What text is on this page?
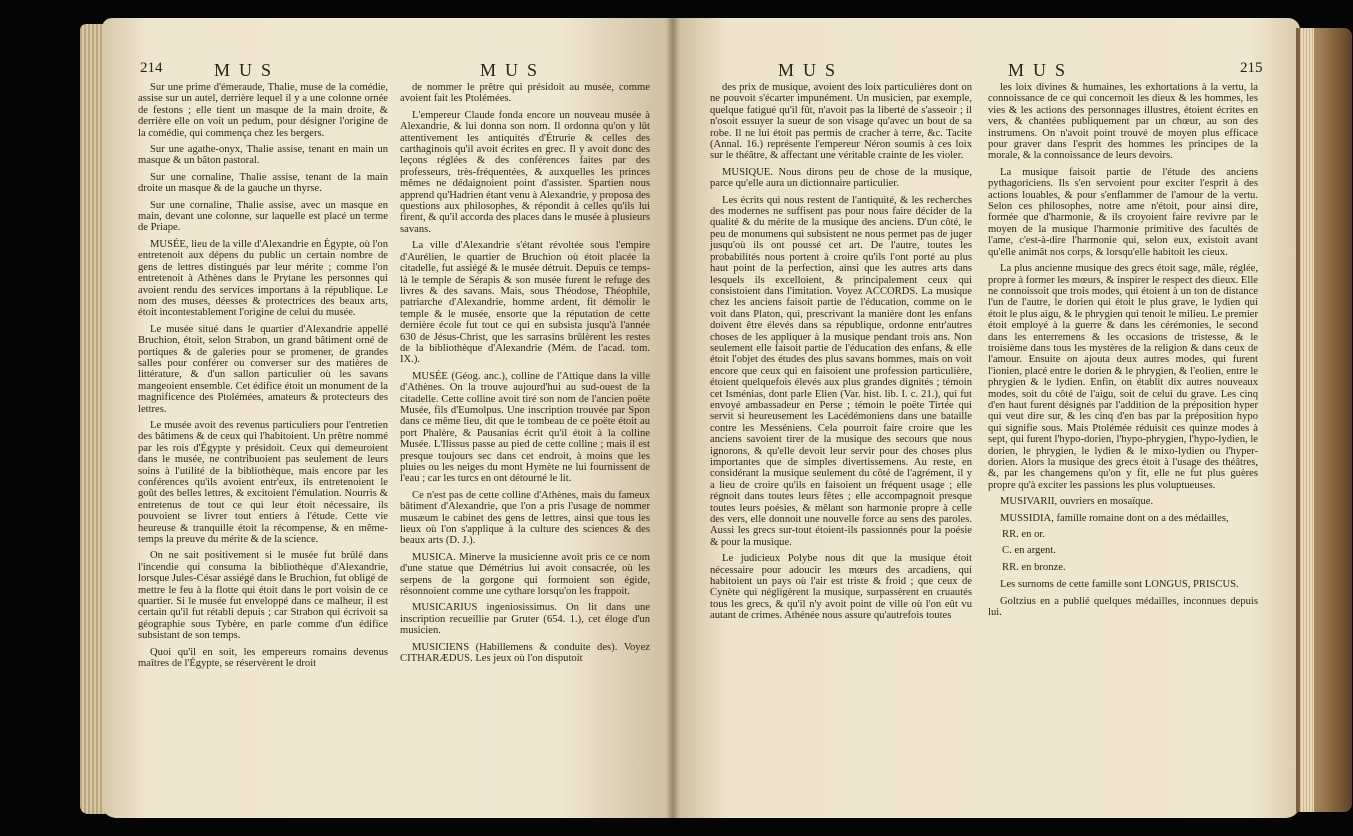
214	MUS	MUS

Sur une prime d'émeraude, Thalie, muse de la comédie, assise sur un autel, derrière lequel il y a une colonne ornée de festons ; elle tient un masque de la main droite, & derrière elle on voit un pedum, pour désigner l'origine de la comédie, qui commença chez les bergers.

Sur une agathe-onyx, Thalie assise, tenant en main un masque & un bâton pastoral.

Sur une cornaline, Thalie assise, tenant de la main droite un masque & de la gauche un thyrse.

Sur une cornaline, Thalie assise, avec un masque en main, devant une colonne, sur laquelle est placé un terme de Priape.

MUSÉE, lieu de la ville d'Alexandrie en Égypte, où l'on entretenoit aux dépens du public un certain nombre de gens de lettres distingués par leur mérite ; comme l'on entretenoit à Athènes dans le Prytane les personnes qui avoient rendu des services importans à la république. Le nom des muses, déesses & protectrices des beaux arts, étoit incontestablement l'origine de celui du musée.

Le musée situé dans le quartier d'Alexandrie appellé Bruchion, étoit, selon Strabon, un grand bâtiment orné de portiques & de galeries pour se promener, de grandes salles pour conférer ou converser sur des matières de littérature, & d'un sallon particulier où les savans mangeoient ensemble. Cet édifice étoit un monument de la magnificence des Ptolémées, amateurs & protecteurs des lettres.

Le musée avoit des revenus particuliers pour l'entretien des bâtimens & de ceux qui l'habitoient. Un prêtre nommé par les rois d'Égypte y présidoit. Ceux qui demeuroient dans le musée, ne contribuoient pas seulement de leurs soins à l'utilité de la bibliothèque, mais encore par les conférences qu'ils avoient entr'eux, ils entretenoient le goût des belles lettres, & excitoient l'émulation. Nourris & entretenus de tout ce qui leur étoit nécessaire, ils pouvoient se livrer tout entiers à l'étude. Cette vie heureuse & tranquille étoit la récompense, & en même-temps la preuve du mérite & de la science.

On ne sait positivement si le musée fut brûlé dans l'incendie qui consuma la bibliothèque d'Alexandrie, lorsque Jules-César assiégé dans le Bruchion, fut obligé de mettre le feu à la flotte qui étoit dans le port voisin de ce quartier. Si le musée fut enveloppé dans ce malheur, il est certain qu'il fut rétabli depuis ; car Strabon qui écrivoit sa géographie sous Tybère, en parle comme d'un édifice subsistant de son temps.

Quoi qu'il en soit, les empereurs romains devenus maîtres de l'Égypte, se réservèrent le droit

de nommer le prêtre qui présidoit au musée, comme avoient fait les Ptolémées.

L'empereur Claude fonda encore un nouveau musée à Alexandrie, & lui donna son nom. Il ordonna qu'on y lût attentivement les antiquités d'Étrurie & celles des carthaginois qu'il avoit écrites en grec. Il y avoit donc des leçons réglées & des conférences faites par des professeurs, très-fréquentées, & auxquelles les princes mêmes ne dédaignoient point d'assister. Spartien nous apprend qu'Hadrien étant venu à Alexandrie, y proposa des questions aux philosophes, & répondit à celles qu'ils lui firent, & qu'il accorda des places dans le musée à plusieurs savans.

La ville d'Alexandrie s'étant révoltée sous l'empire d'Aurélien, le quartier de Bruchion où étoit placée la citadelle, fut assiégé & le musée détruit. Depuis ce temps-là le temple de Sérapis & son musée furent le refuge des livres & des savans. Mais, sous Théodose, Théophile, patriarche d'Alexandrie, homme ardent, fit démolir le temple & le musée, ensorte que la réputation de cette dernière école fut tout ce qui en subsista jusqu'à l'année 630 de Jésus-Christ, que les sarrasins brûlèrent les restes de la bibliothèque d'Alexandrie (Mém. de l'acad. tom. IX.).

MUSÉE (Géog. anc.), colline de l'Attique dans la ville d'Athènes. On la trouve aujourd'hui au sud-ouest de la citadelle. Cette colline avoit tiré son nom de l'ancien poëte Musée, fils d'Eumolpus. Une inscription trouvée par Spon dans ce même lieu, dit que le tombeau de ce poëte étoit au port Phalère, & Pausanias écrit qu'il étoit à la colline Musée. L'Ilissus passe au pied de cette colline ; mais il est presque toujours sec dans cet endroit, à moins que les pluies ou les neiges du mont Hymète ne lui fournissent de l'eau ; car les turcs en ont détourné le lit.

Ce n'est pas de cette colline d'Athènes, mais du fameux bâtiment d'Alexandrie, que l'on a pris l'usage de nommer musæum le cabinet des gens de lettres, ainsi que tous les lieux où l'on s'applique à la culture des sciences & des beaux arts (D. J.).

MUSICA. Minerve la musicienne avoit pris ce ce nom d'une statue que Démétrius lui avoit consacrée, où les serpens de la gorgone qui formoient son égide, résonnoient comme une cythare lorsqu'on les frappoit.

MUSICARIUS ingeniosissimus. On lit dans une inscription recueillie par Gruter (654. 1.), cet éloge d'un musicien.

MUSICIENS (Habillemens & conduite des). Voyez CITHARÆDUS. Les jeux où l'on disputoit

MUS	MUS	215

des prix de musique, avoient des loix particulières dont on ne pouvoit s'écarter impunément. Un musicien, par exemple, quelque fatigué qu'il fût, n'avoit pas la liberté de s'asseoir ; il n'osoit essuyer la sueur de son visage qu'avec un bout de sa robe. Il ne lui étoit pas permis de cracher à terre, &c. Tacite (Annal. 16.) représente l'empereur Néron soumis à ces loix sur le théâtre, & affectant une véritable crainte de les violer.

MUSIQUE. Nous dirons peu de chose de la musique, parce qu'elle aura un dictionnaire particulier.

Les écrits qui nous restent de l'antiquité, & les recherches des modernes ne suffisent pas pour nous faire décider de la qualité & du mérite de la musique des anciens. D'un côté, le peu de monumens qui subsistent ne nous permet pas de juger jusqu'où ils ont poussé cet art. De l'autre, toutes les probabilités nous portent à croire qu'ils l'ont porté au plus haut point de la perfection, ainsi que les autres arts dans lesquels ils excelloient, & principalement ceux qui consistoient dans l'imitation. Voyez ACCORDS. La musique chez les anciens faisoit partie de l'éducation, comme on le voit dans Platon, qui, prescrivant la manière dont les enfans doivent être élevés dans sa république, ordonne entr'autres choses de les appliquer à la musique pendant trois ans. Non seulement elle faisoit partie de l'éducation des enfans, & elle étoit l'objet des études des plus savans hommes, mais on voit encore que ceux qui en faisoient une profession particulière, étoient quelquefois élevés aux plus grandes dignités ; témoin cet Isménias, dont parle Elien (Var. hist. lib. I. c. 21.), qui fut envoyé ambassadeur en Perse ; témoin le poëte Tirtée qui servit si heureusement les Lacédémoniens dans une bataille contre les Messéniens. Cela pourroit faire croire que les anciens savoient tirer de la musique des secours que nous ignorons, & qu'elle devoit leur servir pour des choses plus importantes que de simples divertissemens. Au reste, en considérant la musique seulement du côté de l'agrément, il y a lieu de croire qu'ils en faisoient un fréquent usage ; elle régnoit dans toutes leurs fêtes ; elle accompagnoit presque toutes leurs poésies, & mêlant son harmonie propre à celle des vers, elle donnoit une nouvelle force au sens des paroles. Aussi les grecs sur-tout étoient-ils passionnés pour la poésie & pour la musique.

Le judicieux Polybe nous dit que la musique étoit nécessaire pour adoucir les mœurs des arcadiens, qui habitoient un pays où l'air est triste & froid ; que ceux de Cynète qui négligèrent la musique, surpassèrent en cruautés tous les grecs, & qu'il n'y avoit point de ville où l'on eût vu autant de crimes. Athénée nous assure qu'autrefois toutes

les loix divines & humaines, les exhortations à la vertu, la connoissance de ce qui concernoit les dieux & les hommes, les vies & les actions des personnages illustres, étoient écrites en vers, & chantées publiquement par un chœur, au son des instrumens. On n'avoit point trouvé de moyen plus efficace pour graver dans l'esprit des hommes les principes de la morale, & la connoissance de leurs devoirs.

La musique faisoit partie de l'étude des anciens pythagoriciens. Ils s'en servoient pour exciter l'esprit à des actions louables, & pour s'enflammer de l'amour de la vertu. Selon ces philosophes, notre ame n'étoit, pour ainsi dire, formée que d'harmonie, & ils croyoient faire revivre par le moyen de la musique l'harmonie primitive des facultés de l'ame, c'est-à-dire l'harmonie qui, selon eux, existoit avant qu'elle animât nos corps, & lorsqu'elle habitoit les cieux.

La plus ancienne musique des grecs étoit sage, mâle, réglée, propre à former les mœurs, & inspirer le respect des dieux. Elle ne connoissoit que trois modes, qui étoient à un ton de distance l'un de l'autre, le dorien qui étoit le plus grave, le lydien qui étoit le plus aigu, & le phrygien qui tenoit le milieu. Le premier étoit employé à la guerre & dans les cérémonies, le second dans les enterremens & les occasions de tristesse, & le troisième dans tous les mystères de la religion & dans ceux de l'amour. Ensuite on ajouta deux autres modes, qui furent l'ionien, placé entre le dorien & le phrygien, & l'eolien, entre le phrygien & le lydien. Enfin, on établit dix autres nouveaux modes, soit du côté de l'aigu, soit de celui du grave. Les cinq d'en haut furent désignés par l'addition de la préposition hyper qui veut dire sur, & les cinq d'en bas par la préposition hypo qui signifie sous. Mais Ptolémée réduisit ces quinze modes à sept, qui furent l'hypo-dorien, l'hypo-phrygien, l'hypo-lydien, le dorien, le phrygien, le lydien & le mixo-lydien ou l'hyper-dorien. Alors la musique des grecs étoit à l'usage des théâtres, &, par les changemens qu'on y fit, elle ne fut plus guères propre qu'à exciter les passions les plus voluptueuses.

MUSIVARII, ouvriers en mosaïque.

MUSSIDIA, famille romaine dont on a des médailles,

RR. en or.
C. en argent.
RR. en bronze.

Les surnoms de cette famille sont LONGUS, PRISCUS.

Goltzius en a publié quelques médailles, inconnues depuis lui.
